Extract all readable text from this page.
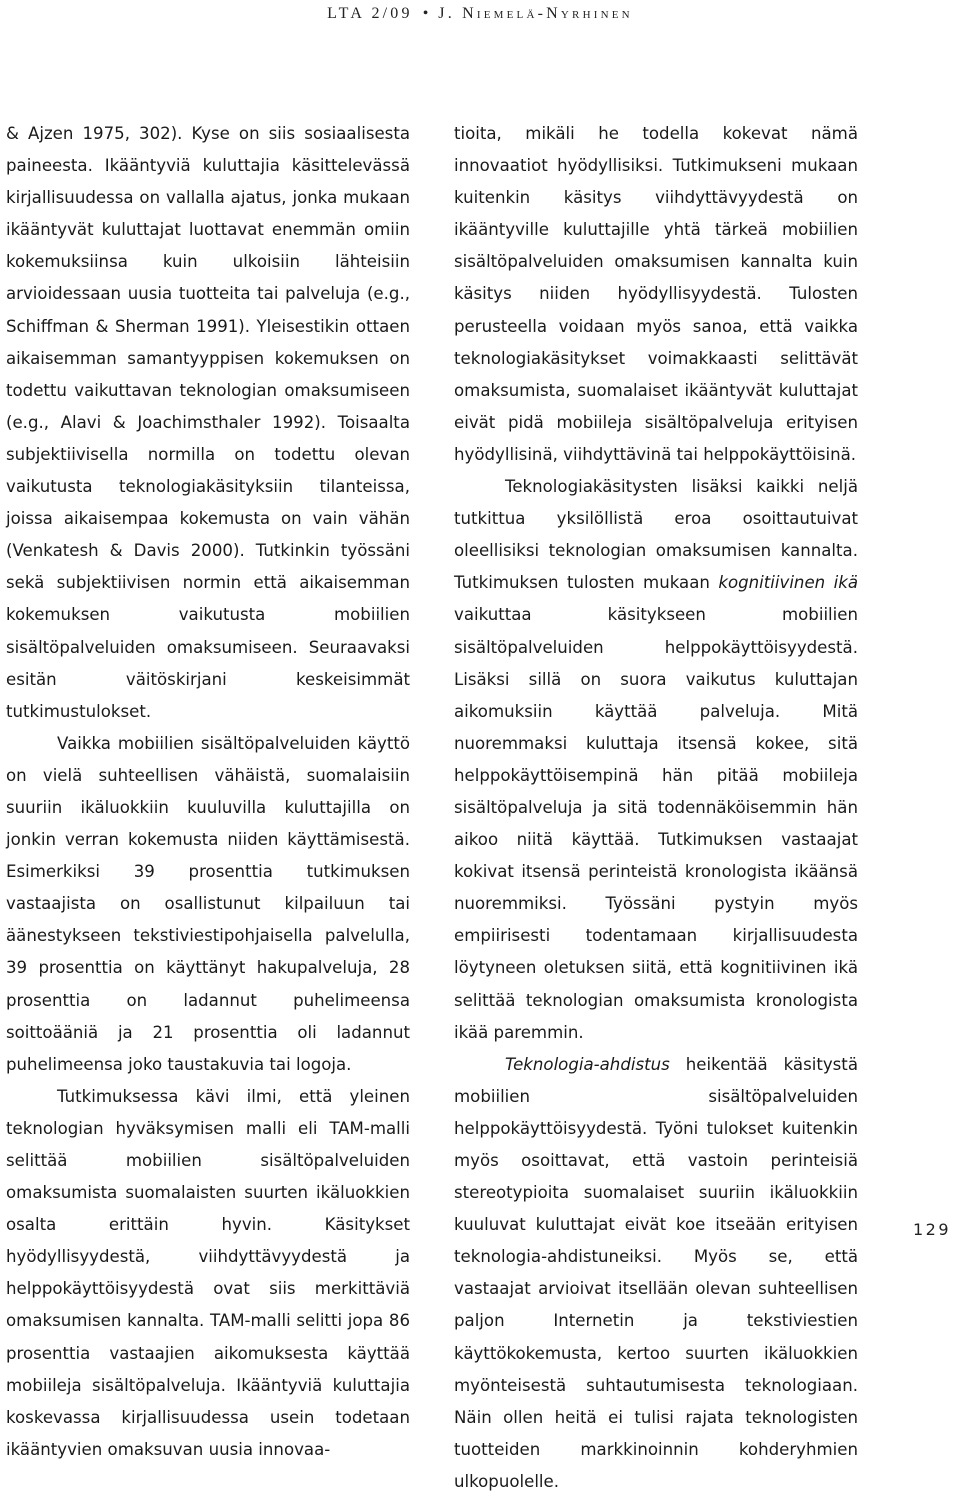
LTA 2/09 • J. Niemelä-Nyrhinen

& Ajzen 1975, 302). Kyse on siis sosiaalisesta paineesta. Ikääntyviä kuluttajia käsittelevässä kirjallisuudessa on vallalla ajatus, jonka mukaan ikääntyvät kuluttajat luottavat enemmän omiin kokemuksiinsa kuin ulkoisiin lähteisiin arvioidessaan uusia tuotteita tai palveluja (e.g., Schiffman & Sherman 1991). Yleisestikin ottaen aikaisemman samantyyppisen kokemuksen on todettu vaikuttavan teknologian omaksumiseen (e.g., Alavi & Joachimsthaler 1992). Toisaalta subjektiivisella normilla on todettu olevan vaikutusta teknologiakäsityksiin tilanteissa, joissa aikaisempaa kokemusta on vain vähän (Venkatesh & Davis 2000). Tutkinkin työssäni sekä subjektiivisen normin että aikaisemman kokemuksen vaikutusta mobiilien sisältöpalveluiden omaksumiseen. Seuraavaksi esitän väitöskirjani keskeisimmät tutkimustulokset.

Vaikka mobiilien sisältöpalveluiden käyttö on vielä suhteellisen vähäistä, suomalaisiin suuriin ikäluokkiin kuuluvilla kuluttajilla on jonkin verran kokemusta niiden käyttämisestä. Esimerkiksi 39 prosenttia tutkimuksen vastaajista on osallistunut kilpailuun tai äänestykseen tekstiviestipohjaisella palvelulla, 39 prosenttia on käyttänyt hakupalveluja, 28 prosenttia on ladannut puhelimeensa soittoääniä ja 21 prosenttia oli ladannut puhelimeensa joko taustakuvia tai logoja.

Tutkimuksessa kävi ilmi, että yleinen teknologian hyväksymisen malli eli TAM-malli selittää mobiilien sisältöpalveluiden omaksumista suomalaisten suurten ikäluokkien osalta erittäin hyvin. Käsitykset hyödyllisyydestä, viihdyttävyydestä ja helppokäyttöisyydestä ovat siis merkittäviä omaksumisen kannalta. TAM-malli selitti jopa 86 prosenttia vastaajien aikomuksesta käyttää mobiileja sisältöpalveluja. Ikääntyviä kuluttajia koskevassa kirjallisuudessa usein todetaan ikääntyvien omaksuvan uusia innovaa-

tioita, mikäli he todella kokevat nämä innovaatiot hyödyllisiksi. Tutkimukseni mukaan kuitenkin käsitys viihdyttävyydestä on ikääntyville kuluttajille yhtä tärkeä mobiilien sisältöpalveluiden omaksumisen kannalta kuin käsitys niiden hyödyllisyydestä. Tulosten perusteella voidaan myös sanoa, että vaikka teknologiakäsitykset voimakkaasti selittävät omaksumista, suomalaiset ikääntyvät kuluttajat eivät pidä mobiileja sisältöpalveluja erityisen hyödyllisinä, viihdyttävinä tai helppokäyttöisinä.

Teknologiakäsitysten lisäksi kaikki neljä tutkittua yksilöllistä eroa osoittautuivat oleellisiksi teknologian omaksumisen kannalta. Tutkimuksen tulosten mukaan kognitiivinen ikä vaikuttaa käsitykseen mobiilien sisältöpalveluiden helppokäyttöisyydestä. Lisäksi sillä on suora vaikutus kuluttajan aikomuksiin käyttää palveluja. Mitä nuoremmaksi kuluttaja itsensä kokee, sitä helppokäyttöisempinä hän pitää mobiileja sisältöpalveluja ja sitä todennäköisemmin hän aikoo niitä käyttää. Tutkimuksen vastaajat kokivat itsensä perinteistä kronologista ikäänsä nuoremmiksi. Työssäni pystyin myös empiirisesti todentamaan kirjallisuudesta löytyneen oletuksen siitä, että kognitiivinen ikä selittää teknologian omaksumista kronologista ikää paremmin.

Teknologia-ahdistus heikentää käsitystä mobiilien sisältöpalveluiden helppokäyttöisyydestä. Työni tulokset kuitenkin myös osoittavat, että vastoin perinteisiä stereotypioita suomalaiset suuriin ikäluokkiin kuuluvat kuluttajat eivät koe itseään erityisen teknologia-ahdistuneiksi. Myös se, että vastaajat arvioivat itsellään olevan suhteellisen paljon Internetin ja tekstiviestien käyttökokemusta, kertoo suurten ikäluokkien myönteisestä suhtautumisesta teknologiaan. Näin ollen heitä ei tulisi rajata teknologisten tuotteiden markkinoinnin kohderyhmien ulkopuolelle.

129
